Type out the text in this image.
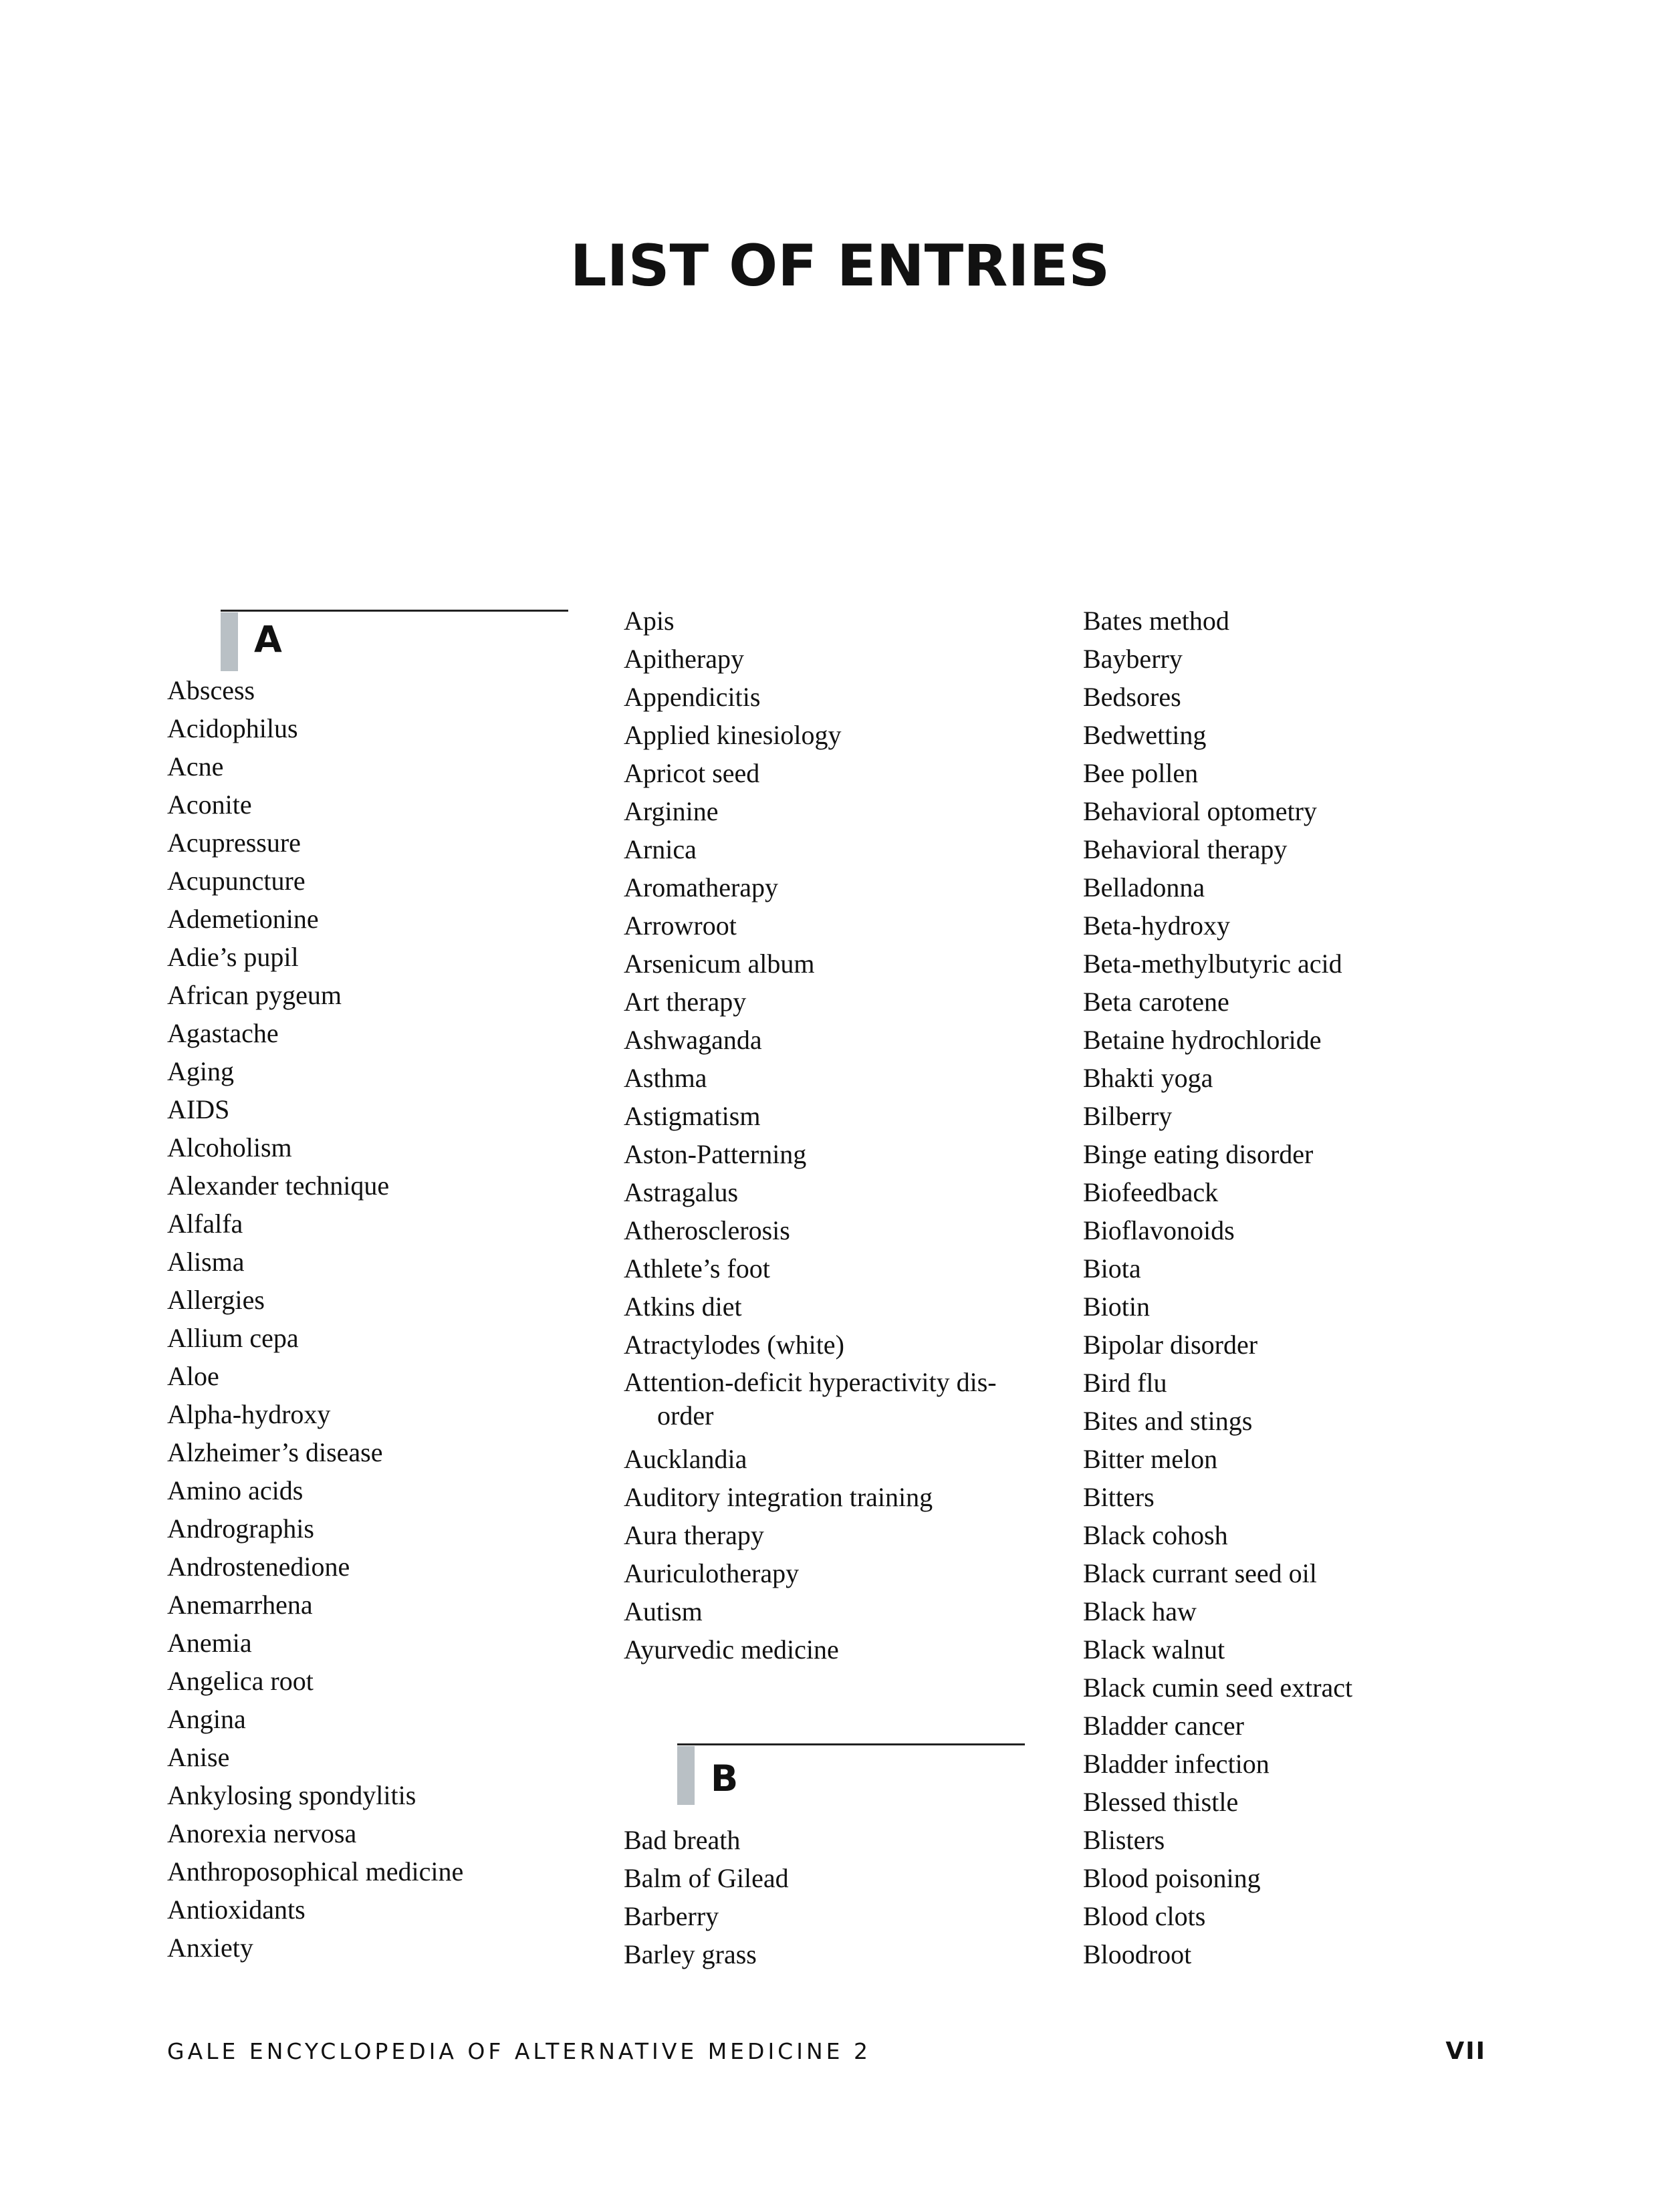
LIST OF ENTRIES
A
Abscess
Acidophilus
Acne
Aconite
Acupressure
Acupuncture
Ademetionine
Adie’s pupil
African pygeum
Agastache
Aging
AIDS
Alcoholism
Alexander technique
Alfalfa
Alisma
Allergies
Allium cepa
Aloe
Alpha-hydroxy
Alzheimer’s disease
Amino acids
Andrographis
Androstenedione
Anemarrhena
Anemia
Angelica root
Angina
Anise
Ankylosing spondylitis
Anorexia nervosa
Anthroposophical medicine
Antioxidants
Anxiety
Apis
Apitherapy
Appendicitis
Applied kinesiology
Apricot seed
Arginine
Arnica
Aromatherapy
Arrowroot
Arsenicum album
Art therapy
Ashwaganda
Asthma
Astigmatism
Aston-Patterning
Astragalus
Atherosclerosis
Athlete’s foot
Atkins diet
Atractylodes (white)
Attention-deficit hyperactivity dis- order
Aucklandia
Auditory integration training
Aura therapy
Auriculotherapy
Autism
Ayurvedic medicine
B
Bad breath
Balm of Gilead
Barberry
Barley grass
Bates method
Bayberry
Bedsores
Bedwetting
Bee pollen
Behavioral optometry
Behavioral therapy
Belladonna
Beta-hydroxy
Beta-methylbutyric acid
Beta carotene
Betaine hydrochloride
Bhakti yoga
Bilberry
Binge eating disorder
Biofeedback
Bioflavonoids
Biota
Biotin
Bipolar disorder
Bird flu
Bites and stings
Bitter melon
Bitters
Black cohosh
Black currant seed oil
Black haw
Black walnut
Black cumin seed extract
Bladder cancer
Bladder infection
Blessed thistle
Blisters
Blood poisoning
Blood clots
Bloodroot
GALE ENCYCLOPEDIA OF ALTERNATIVE MEDICINE 2	VII
